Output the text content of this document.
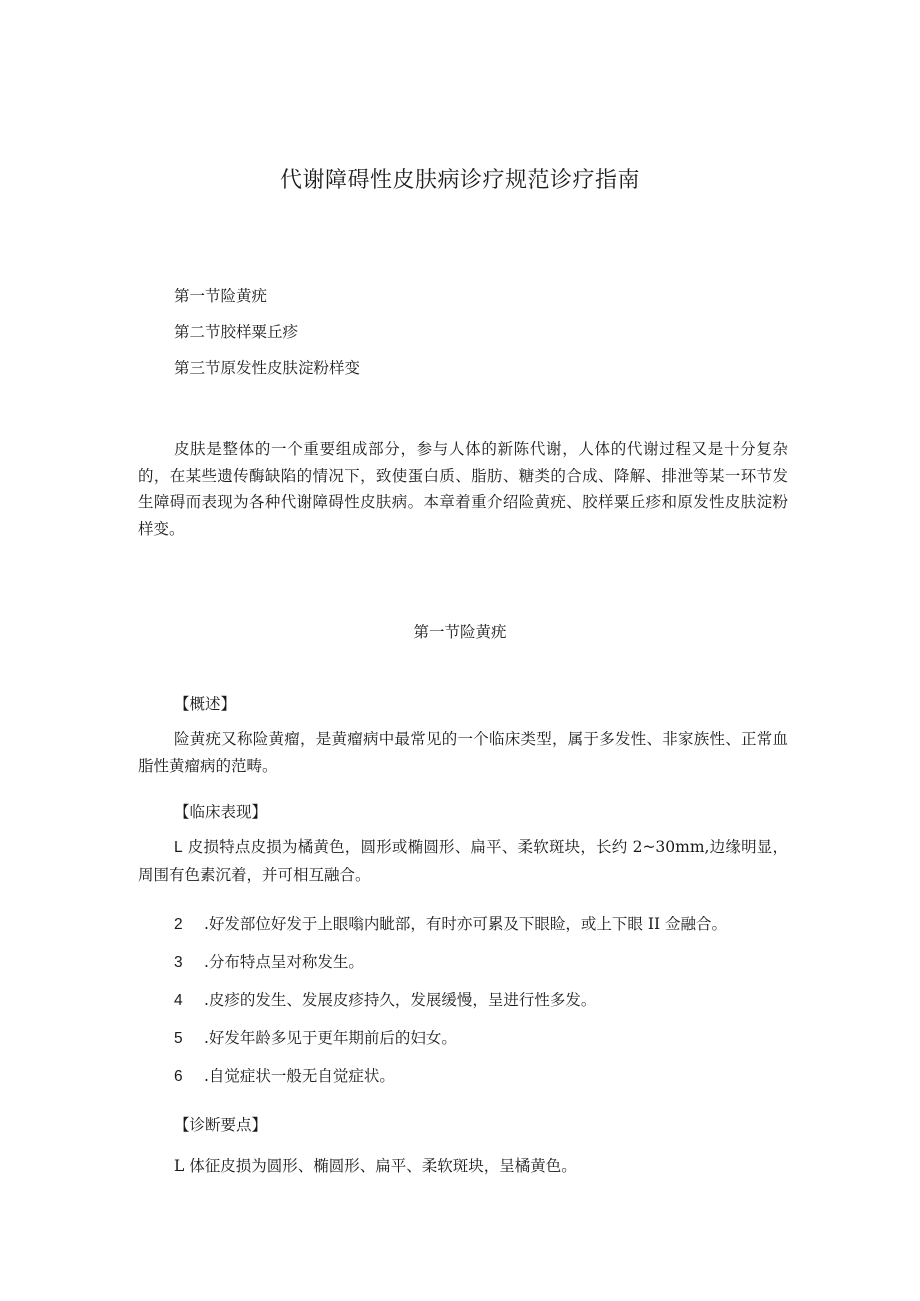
代谢障碍性皮肤病诊疗规范诊疗指南
第一节险黄疣
第二节胶样粟丘疹
第三节原发性皮肤淀粉样变

皮肤是整体的一个重要组成部分，参与人体的新陈代谢，人体的代谢过程又是十分复杂的，在某些遗传酶缺陷的情况下，致使蛋白质、脂肪、糖类的合成、降解、排泄等某一环节发生障碍而表现为各种代谢障碍性皮肤病。本章着重介绍险黄疣、胶样粟丘疹和原发性皮肤淀粉样变。

第一节险黄疣
【概述】

险黄疣又称险黄瘤，是黄瘤病中最常见的一个临床类型，属于多发性、非家族性、正常血脂性黄瘤病的范畴。

【临床表现】

L 皮损特点皮损为橘黄色，圆形或椭圆形、扁平、柔软斑块，长约 2~30mm,边缘明显，周围有色素沉着，并可相互融合。

2 .好发部位好发于上眼嗡内眦部，有时亦可累及下眼睑，或上下眼 II 佥融合。
3 .分布特点呈对称发生。
4 .皮疹的发生、发展皮疹持久，发展缓慢，呈进行性多发。
5 .好发年龄多见于更年期前后的妇女。
6 .自觉症状一般无自觉症状。
【诊断要点】
L 体征皮损为圆形、椭圆形、扁平、柔软斑块，呈橘黄色。
